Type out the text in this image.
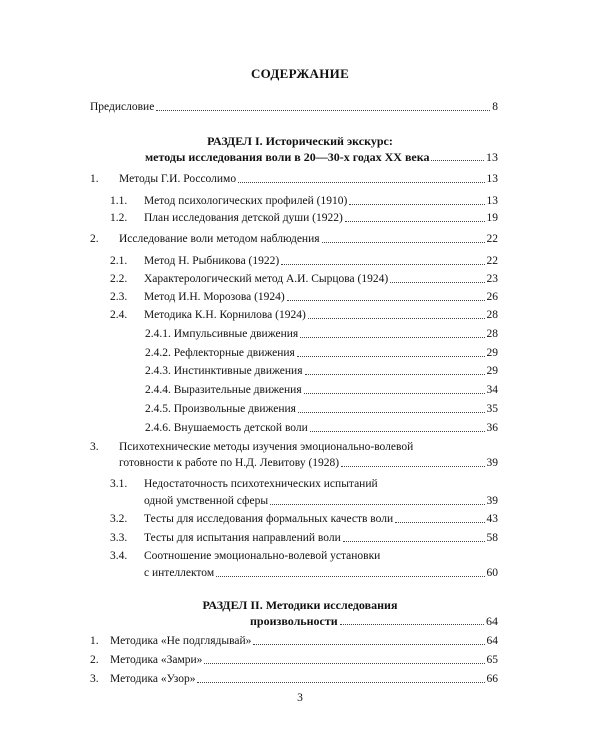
СОДЕРЖАНИЕ
Предисловие	8
РАЗДЕЛ I. Исторический экскурс:
методы исследования воли в 20—30-х годах XX века	13
1.	Методы Г.И. Россолимо	13
1.1.	Метод психологических профилей (1910)	13
1.2.	План исследования детской души (1922)	19
2.	Исследование воли методом наблюдения	22
2.1.	Метод Н. Рыбникова (1922)	22
2.2.	Характерологический метод А.И. Сырцова (1924)	23
2.3.	Метод И.Н. Морозова (1924)	26
2.4.	Методика К.Н. Корнилова (1924)	28
2.4.1. Импульсивные движения	28
2.4.2. Рефлекторные движения	29
2.4.3. Инстинктивные движения	29
2.4.4. Выразительные движения	34
2.4.5. Произвольные движения	35
2.4.6. Внушаемость детской воли	36
3. Психотехнические методы изучения эмоционально-волевой
готовности к работе по Н.Д. Левитову (1928)	39
3.1. Недостаточность психотехнических испытаний
одной умственной сферы	39
3.2.	Тесты для исследования формальных качеств воли	43
3.3.	Тесты для испытания направлений воли	58
3.4. Соотношение эмоционально-волевой установки
с интеллектом	60
РАЗДЕЛ II. Методики исследования
произвольности	64
1. Методика «Не подглядывай»	64
2. Методика «Замри»	65
3. Методика «Узор»	66
3
